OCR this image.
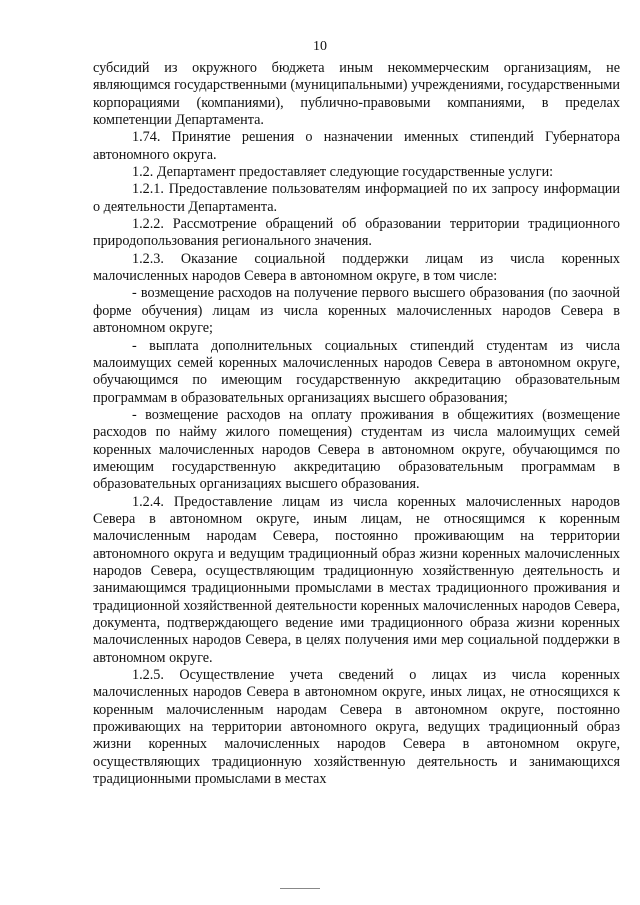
10

субсидий из окружного бюджета иным некоммерческим организациям, не являющимся государственными (муниципальными) учреждениями, государственными корпорациями (компаниями), публично-правовыми компаниями, в пределах компетенции Департамента.

1.74. Принятие решения о назначении именных стипендий Губернатора автономного округа.

1.2. Департамент предоставляет следующие государственные услуги:

1.2.1. Предоставление пользователям информацией по их запросу информации о деятельности Департамента.

1.2.2. Рассмотрение обращений об образовании территории традиционного природопользования регионального значения.

1.2.3. Оказание социальной поддержки лицам из числа коренных малочисленных народов Севера в автономном округе, в том числе:

- возмещение расходов на получение первого высшего образования (по заочной форме обучения) лицам из числа коренных малочисленных народов Севера в автономном округе;

- выплата дополнительных социальных стипендий студентам из числа малоимущих семей коренных малочисленных народов Севера в автономном округе, обучающимся по имеющим государственную аккредитацию образовательным программам в образовательных организациях высшего образования;

- возмещение расходов на оплату проживания в общежитиях (возмещение расходов по найму жилого помещения) студентам из числа малоимущих семей коренных малочисленных народов Севера в автономном округе, обучающимся по имеющим государственную аккредитацию образовательным программам в образовательных организациях высшего образования.

1.2.4. Предоставление лицам из числа коренных малочисленных народов Севера в автономном округе, иным лицам, не относящимся к коренным малочисленным народам Севера, постоянно проживающим на территории автономного округа и ведущим традиционный образ жизни коренных малочисленных народов Севера, осуществляющим традиционную хозяйственную деятельность и занимающимся традиционными промыслами в местах традиционного проживания и традиционной хозяйственной деятельности коренных малочисленных народов Севера, документа, подтверждающего ведение ими традиционного образа жизни коренных малочисленных народов Севера, в целях получения ими мер социальной поддержки в автономном округе.

1.2.5. Осуществление учета сведений о лицах из числа коренных малочисленных народов Севера в автономном округе, иных лицах, не относящихся к коренным малочисленным народам Севера в автономном округе, постоянно проживающих на территории автономного округа, ведущих традиционный образ жизни коренных малочисленных народов Севера в автономном округе, осуществляющих традиционную хозяйственную деятельность и занимающихся традиционными промыслами в местах
